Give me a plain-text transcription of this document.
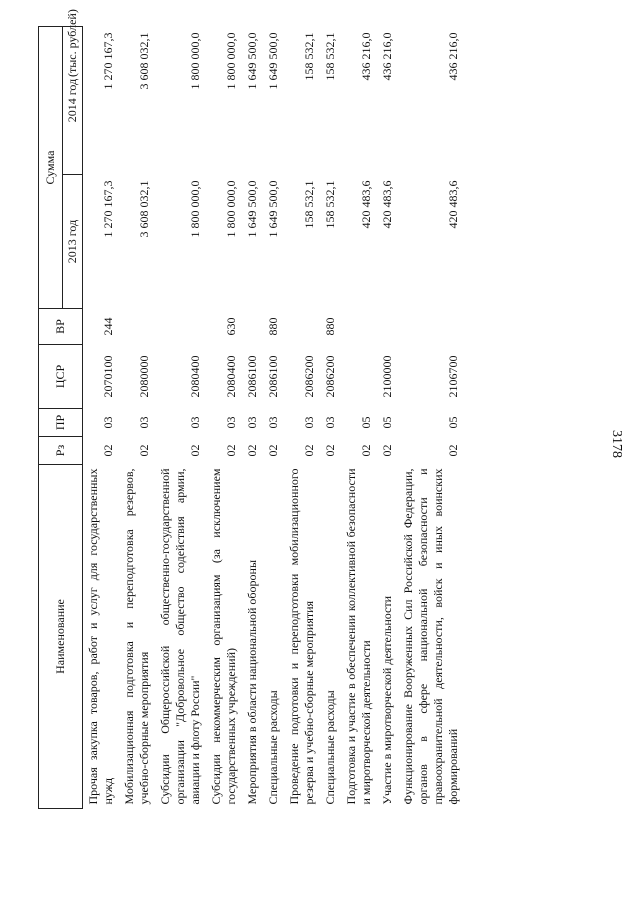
3178
(тыс. рублей)
Наименование	Рз	ПР	ЦСР	ВР	Сумма	
					2013 год	2014 год
Прочая закупка товаров, работ и услуг для государственных нужд	02	03	2070100	244	1 270 167,3	1 270 167,3
Мобилизационная подготовка и переподготовка резервов, учебно-сборные мероприятия	02	03	2080000		3 608 032,1	3 608 032,1
Субсидии Общероссийской общественно-государственной организации "Добровольное общество содействия армии, авиации и флоту России"	02	03	2080400		1 800 000,0	1 800 000,0
Субсидии некоммерческим организациям (за исключением государственных учреждений)	02	03	2080400	630	1 800 000,0	1 800 000,0
Мероприятия в области национальной обороны	02	03	2086100		1 649 500,0	1 649 500,0
Специальные расходы	02	03	2086100	880	1 649 500,0	1 649 500,0
Проведение подготовки и переподготовки мобилизационного резерва и учебно-сборные мероприятия	02	03	2086200		158 532,1	158 532,1
Специальные расходы	02	03	2086200	880	158 532,1	158 532,1
Подготовка и участие в обеспечении коллективной безопасности и миротворческой деятельности	02	05			420 483,6	436 216,0
Участие в миротворческой деятельности	02	05	2100000		420 483,6	436 216,0
Функционирование Вооруженных Сил Российской Федерации, органов в сфере национальной безопасности и правоохранительной деятельности, войск и иных воинских формирований	02	05	2106700		420 483,6	436 216,0
